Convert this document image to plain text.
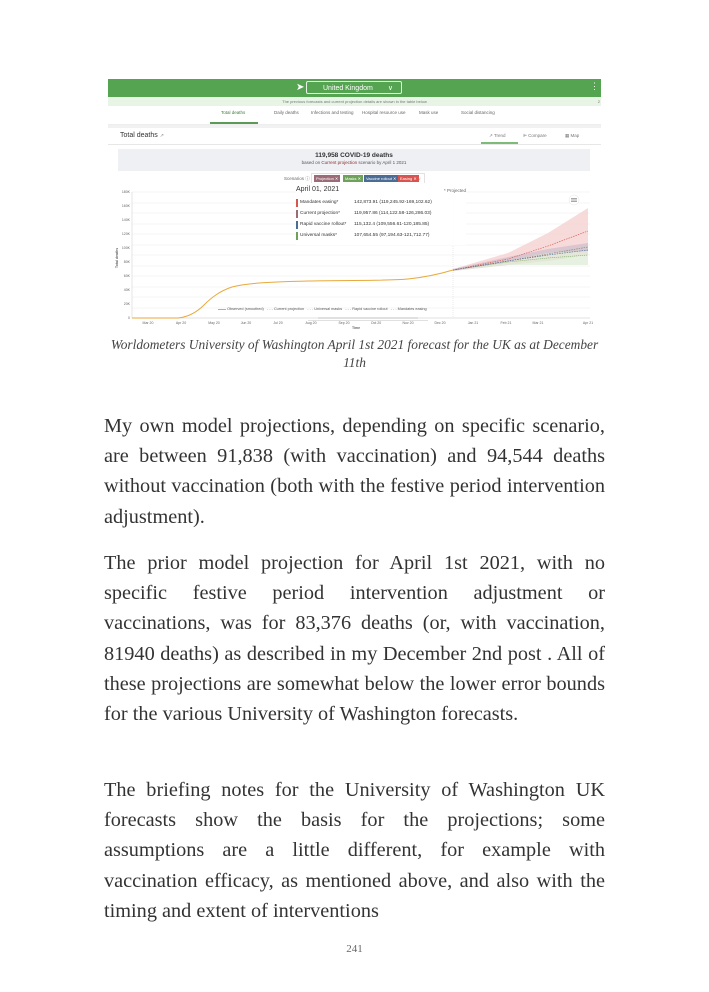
➤	United Kingdom ∨	⋮
The previous forecasts and current projection details are shown in the table below	2
Total deaths	Daily deaths	Infections and testing Hospital resource use	Mask use	Social distancing
Total deaths ↗	↗ Trend	⊫ Compare	▦ Map
119,958 COVID-19 deaths
based on Current projection scenario by April 1 2021
Scenarios ⓘ	Projection ✕	Masks ✕	Vaccine rollout ✕ Easing ✕ ∨
0
20K
40K
60K
80K
100K
120K
140K
160K
180K
Total deaths
Mar 20	Apr 20	May 20	Jun 20	Jul 20	Aug 20	Sep 20	Oct 20	Nov 20	Dec 20	Jan 21	Feb 21	Mar 21	Apr 21
Time
April 01, 2021	* Projected
Mandates easing*	142,873.91 (119,245.92-169,102.62)
Current projection*	119,957.86 (114,122.58-126,286.03)
Rapid vaccine rollout* 115,132.4 (109,556.61-120,185.85)
Universal masks*	107,654.55 (97,194.63-121,712.77)
Observed (smoothed) ‐ ‐ ‐ Current projection ‐ ‐ ‐ Universal masks ‐ ‐ ‐ Rapid vaccine rollout ‐ ‐ ‐ Mandates easing
Worldometers University of Washington April 1st 2021 forecast for the UK as at December 11th

My own model projections, depending on specific scenario, are between 91,838 (with vaccination) and 94,544 deaths without vaccination (both with the festive period intervention adjustment).

The prior model projection for April 1st 2021, with no specific festive period intervention adjustment or vaccinations, was for 83,376 deaths (or, with vaccination, 81940 deaths) as described in my December 2nd post . All of these projections are somewhat below the lower error bounds for the various University of Washington forecasts.

The briefing notes for the University of Washington UK forecasts show the basis for the projections; some assumptions are a little different, for example with vaccination efficacy, as mentioned above, and also with the timing and extent of interventions

241
